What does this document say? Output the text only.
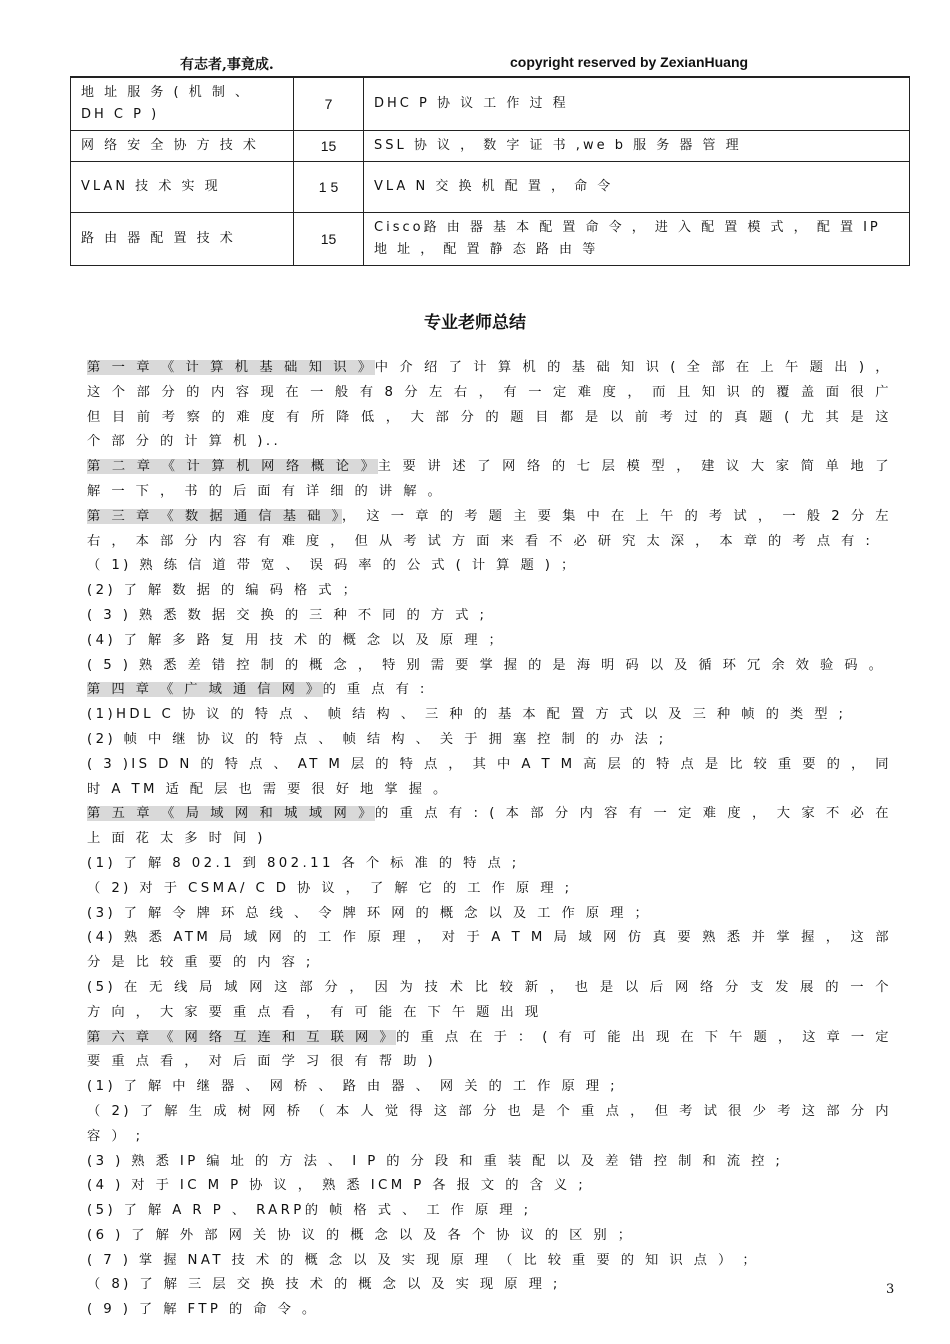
有志者,事竟成.	copyright reserved by ZexianHuang
地 址 服 务 ( 机 制 、 DH C P )	7	DHC P 协 议 工 作 过 程
网 络 安 全 协 方 技 术	15	SSL 协 议 ， 数 字 证 书 ,we b 服 务 器 管 理
VLAN 技 术 实 现	1 5	VLA N 交 换 机 配 置 ， 命 令
路 由 器 配 置 技 术	15	Cisco路 由 器 基 本 配 置 命 令 ， 进 入 配 置 模 式 ， 配 置 IP 地 址 ， 配 置 静 态 路 由 等
专业老师总结

第 一 章 《 计 算 机 基 础 知 识 》中 介 绍 了 计 算 机 的 基 础 知 识 ( 全 部 在 上 午 题 出 ) ， 这 个 部 分 的 内 容 现 在 一 般 有 8 分 左 右 ， 有 一 定 难 度 ， 而 且 知 识 的 覆 盖 面 很 广 但 目 前 考 察 的 难 度 有 所 降 低 ， 大 部 分 的 题 目 都 是 以 前 考 过 的 真 题 ( 尤 其 是 这 个 部 分 的 计 算 机 )..

第 二 章 《 计 算 机 网 络 概 论 》主 要 讲 述 了 网 络 的 七 层 模 型 ， 建 议 大 家 简 单 地 了 解 一 下 ， 书 的 后 面 有 详 细 的 讲 解 。

第 三 章 《 数 据 通 信 基 础 》， 这 一 章 的 考 题 主 要 集 中 在 上 午 的 考 试 ， 一 般 2 分 左 右 ， 本 部 分 内 容 有 难 度 ， 但 从 考 试 方 面 来 看 不 必 研 究 太 深 ， 本 章 的 考 点 有 :

（ 1) 熟 练 信 道 带 宽 、 误 码 率 的 公 式 ( 计 算 题 ) ；

(2) 了 解 数 据 的 编 码 格 式 ；

( 3 ) 熟 悉 数 据 交 换 的 三 种 不 同 的 方 式 ;

(4) 了 解 多 路 复 用 技 术 的 概 念 以 及 原 理 ；

( 5 ) 熟 悉 差 错 控 制 的 概 念 ， 特 别 需 要 掌 握 的 是 海 明 码 以 及 循 环 冗 余 效 验 码 。

第 四 章 《 广 域 通 信 网 》的 重 点 有 :

(1)HDL C 协 议 的 特 点 、 帧 结 构 、 三 种 的 基 本 配 置 方 式 以 及 三 种 帧 的 类 型 ;

(2) 帧 中 继 协 议 的 特 点 、 帧 结 构 、 关 于 拥 塞 控 制 的 办 法 ;

( 3 )IS D N 的 特 点 、 AT M 层 的 特 点 ， 其 中 A T M 高 层 的 特 点 是 比 较 重 要 的 ， 同 时 A TM 适 配 层 也 需 要 很 好 地 掌 握 。

第 五 章 《 局 域 网 和 城 域 网 》的 重 点 有 : ( 本 部 分 内 容 有 一 定 难 度 ， 大 家 不 必 在 上 面 花 太 多 时 间 )

(1) 了 解 8 02.1 到 802.11 各 个 标 准 的 特 点 ;

（ 2) 对 于 CSMA/ C D 协 议 ， 了 解 它 的 工 作 原 理 ;

(3) 了 解 令 牌 环 总 线 、 令 牌 环 网 的 概 念 以 及 工 作 原 理 ；

(4) 熟 悉 ATM 局 域 网 的 工 作 原 理 ， 对 于 A T M 局 域 网 仿 真 要 熟 悉 并 掌 握 ， 这 部 分 是 比 较 重 要 的 内 容 ;

(5) 在 无 线 局 域 网 这 部 分 ， 因 为 技 术 比 较 新 ， 也 是 以 后 网 络 分 支 发 展 的 一 个 方 向 ， 大 家 要 重 点 看 ， 有 可 能 在 下 午 题 出 现

第 六 章 《 网 络 互 连 和 互 联 网 》的 重 点 在 于 ： ( 有 可 能 出 现 在 下 午 题 ， 这 章 一 定 要 重 点 看 ， 对 后 面 学 习 很 有 帮 助 )

(1) 了 解 中 继 器 、 网 桥 、 路 由 器 、 网 关 的 工 作 原 理 ;

（ 2) 了 解 生 成 树 网 桥 （ 本 人 觉 得 这 部 分 也 是 个 重 点 ， 但 考 试 很 少 考 这 部 分 内 容 ） ;

(3 ) 熟 悉 IP 编 址 的 方 法 、 I P 的 分 段 和 重 装 配 以 及 差 错 控 制 和 流 控 ;

(4 ) 对 于 IC M P 协 议 ， 熟 悉 ICM P 各 报 文 的 含 义 ;

(5) 了 解 A R P 、 RARP的 帧 格 式 、 工 作 原 理 ;

(6 ) 了 解 外 部 网 关 协 议 的 概 念 以 及 各 个 协 议 的 区 别 ；

( 7 ) 掌 握 NAT 技 术 的 概 念 以 及 实 现 原 理 （ 比 较 重 要 的 知 识 点 ） ；

（ 8) 了 解 三 层 交 换 技 术 的 概 念 以 及 实 现 原 理 ;

( 9 ) 了 解 FTP 的 命 令 。

3
